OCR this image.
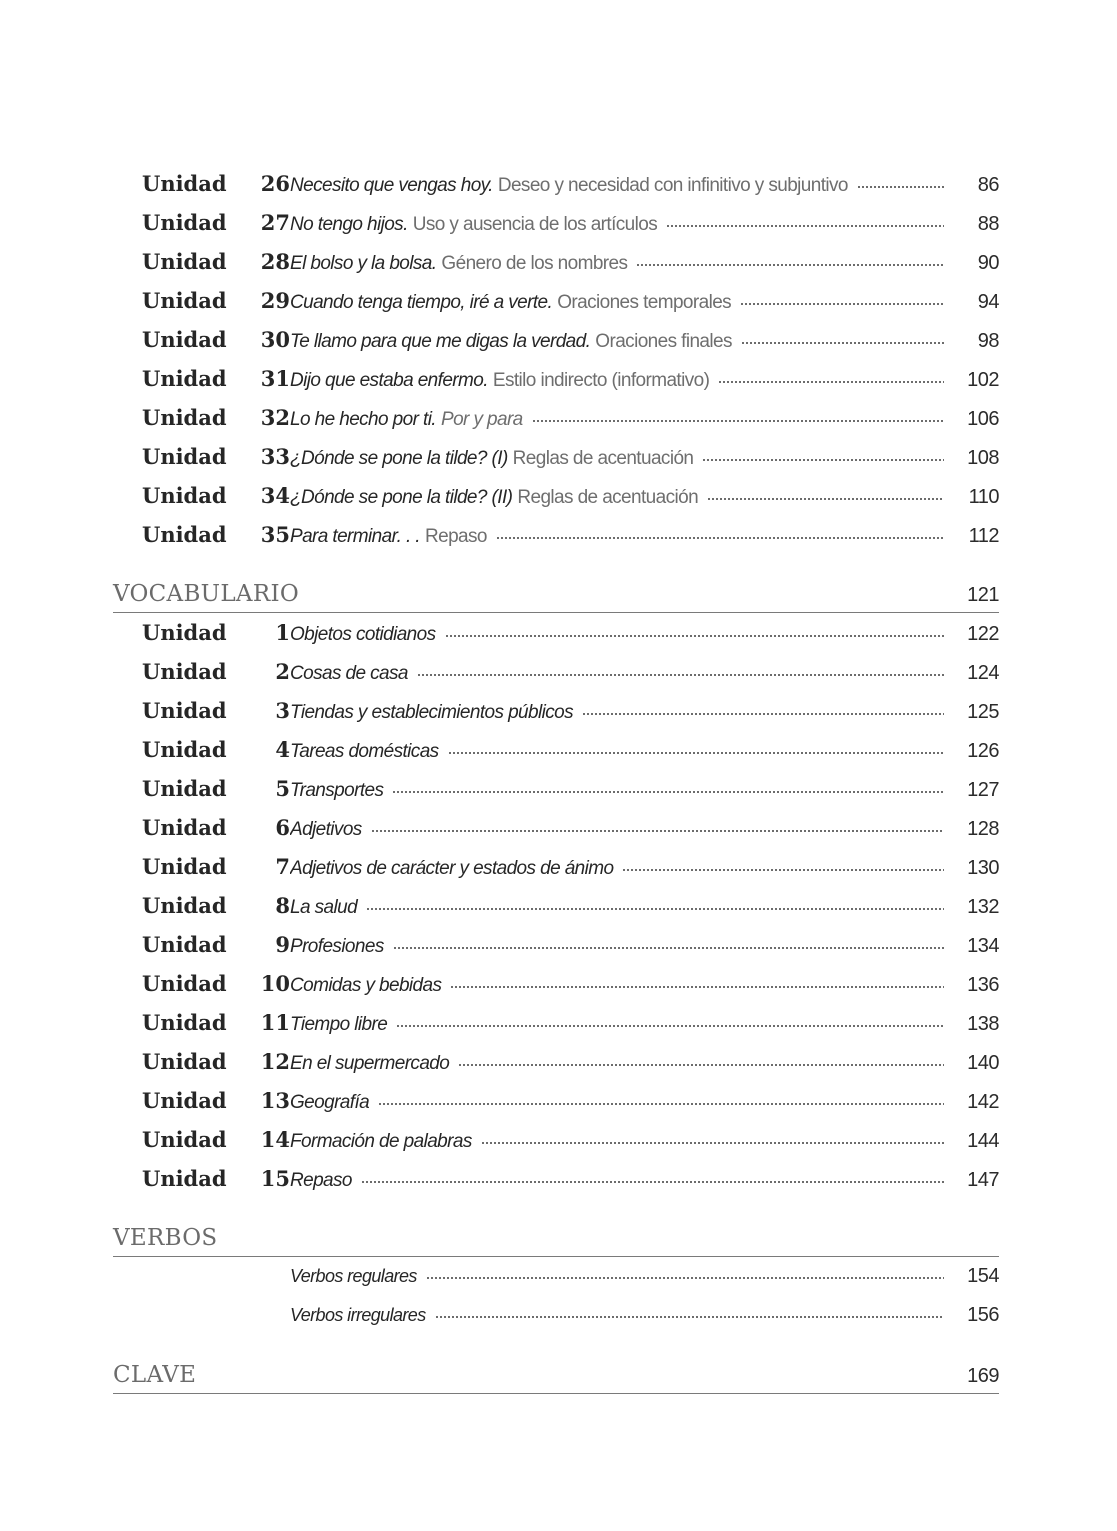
Unidad	26 Necesito que vengas hoy. Deseo y necesidad con infinitivo y subjuntivo	86
Unidad	27 No tengo hijos. Uso y ausencia de los artículos	88
Unidad	28 El bolso y la bolsa. Género de los nombres	90
Unidad	29 Cuando tenga tiempo, iré a verte. Oraciones temporales	94
Unidad	30 Te llamo para que me digas la verdad. Oraciones finales	98
Unidad	31 Dijo que estaba enfermo. Estilo indirecto (informativo)	102
Unidad	32 Lo he hecho por ti. Por y para	106
Unidad	33 ¿Dónde se pone la tilde? (I) Reglas de acentuación	108
Unidad	34 ¿Dónde se pone la tilde? (II) Reglas de acentuación	110
Unidad	35 Para terminar. . . Repaso	112
VOCABULARIO	121
Unidad	1 Objetos cotidianos	122
Unidad	2 Cosas de casa	124
Unidad	3 Tiendas y establecimientos públicos	125
Unidad	4 Tareas domésticas	126
Unidad	5 Transportes	127
Unidad	6 Adjetivos	128
Unidad	7 Adjetivos de carácter y estados de ánimo	130
Unidad	8 La salud	132
Unidad	9 Profesiones	134
Unidad	10 Comidas y bebidas	136
Unidad	11 Tiempo libre	138
Unidad	12 En el supermercado	140
Unidad	13 Geografía	142
Unidad	14 Formación de palabras	144
Unidad	15 Repaso	147
VERBOS
Verbos regulares	154
Verbos irregulares	156
CLAVE	169
